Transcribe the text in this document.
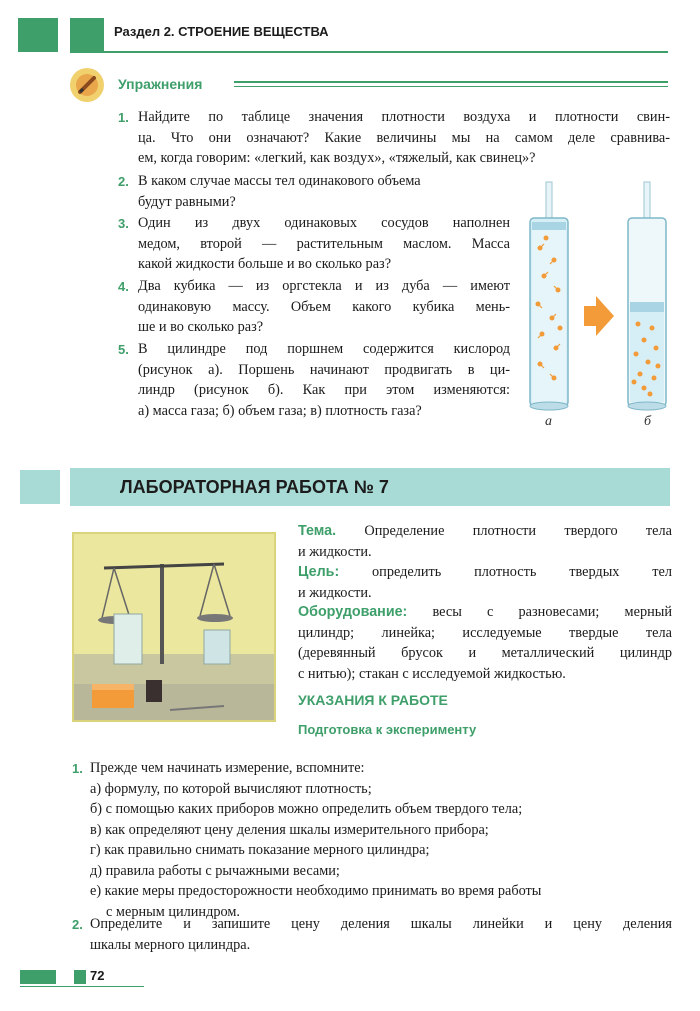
Раздел 2. СТРОЕНИЕ ВЕЩЕСТВА
Упражнения
1. Найдите по таблице значения плотности воздуха и плотности свин-
ца. Что они означают? Какие величины мы на самом деле сравнива-
ем, когда говорим: «легкий, как воздух», «тяжелый, как свинец»?
2. В каком случае массы тел одинакового объема
будут равными?
3. Один из двух одинаковых сосудов наполнен
медом, второй — растительным маслом. Масса
какой жидкости больше и во сколько раз?
4. Два кубика — из оргстекла и из дуба — имеют
одинаковую массу. Объем какого кубика мень-
ше и во сколько раз?
5. В цилиндре под поршнем содержится кислород
(рисунок а). Поршень начинают продвигать в ци-
линдр (рисунок б). Как при этом изменяются:
а) масса газа; б) объем газа; в) плотность газа?
а	б
ЛАБОРАТОРНАЯ РАБОТА № 7
Тема. Определение плотности твердого тела
и жидкости.
Цель: определить плотность твердых тел
и жидкости.
Оборудование: весы с разновесами; мерный
цилиндр; линейка; исследуемые твердые тела
(деревянный брусок и металлический цилиндр
с нитью); стакан с исследуемой жидкостью.
УКАЗАНИЯ К РАБОТЕ
Подготовка к эксперименту
1. Прежде чем начинать измерение, вспомните:
а) формулу, по которой вычисляют плотность;
б) с помощью каких приборов можно определить объем твердого тела;
в) как определяют цену деления шкалы измерительного прибора;
г) как правильно снимать показание мерного цилиндра;
д) правила работы с рычажными весами;
е) какие меры предосторожности необходимо принимать во время работы
с мерным цилиндром.
2. Определите и запишите цену деления шкалы линейки и цену деления
шкалы мерного цилиндра.
72
